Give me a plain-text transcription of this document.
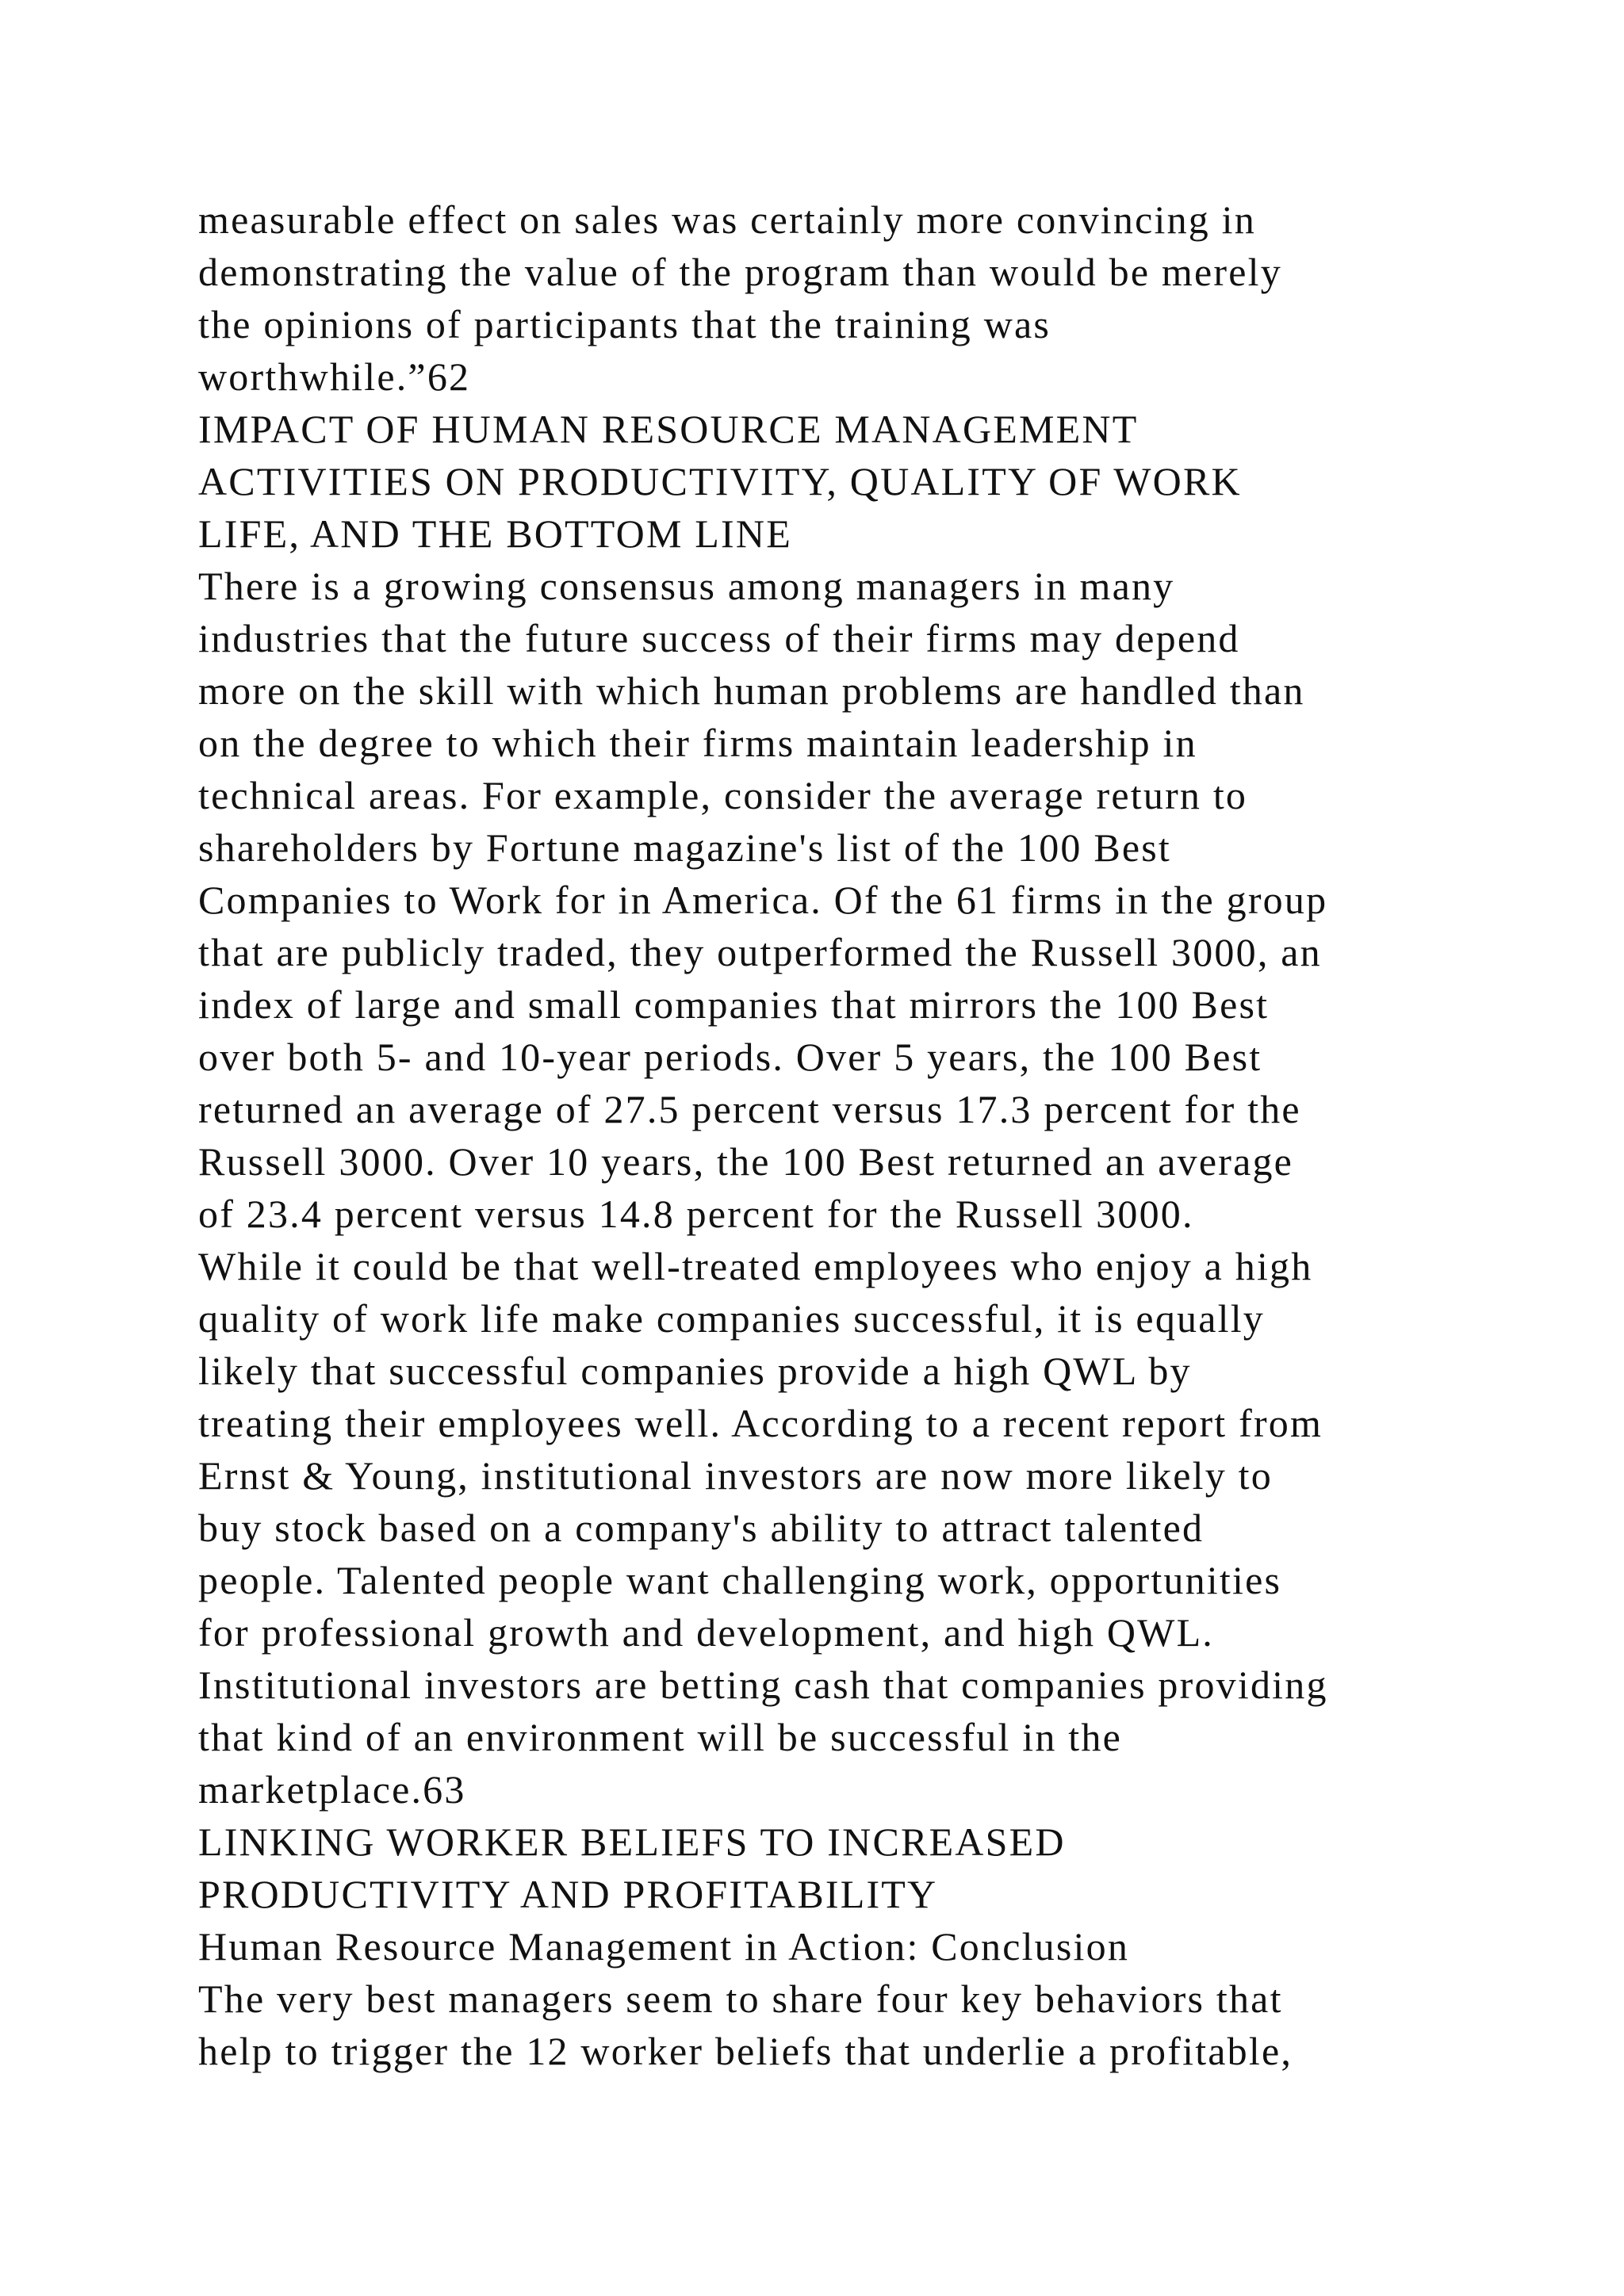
measurable effect on sales was certainly more convincing in
demonstrating the value of the program than would be merely
the opinions of participants that the training was
worthwhile.”62
IMPACT OF HUMAN RESOURCE MANAGEMENT
ACTIVITIES ON PRODUCTIVITY, QUALITY OF WORK
LIFE, AND THE BOTTOM LINE
There is a growing consensus among managers in many
industries that the future success of their firms may depend
more on the skill with which human problems are handled than
on the degree to which their firms maintain leadership in
technical areas. For example, consider the average return to
shareholders by Fortune magazine's list of the 100 Best
Companies to Work for in America. Of the 61 firms in the group
that are publicly traded, they outperformed the Russell 3000, an
index of large and small companies that mirrors the 100 Best
over both 5- and 10-year periods. Over 5 years, the 100 Best
returned an average of 27.5 percent versus 17.3 percent for the
Russell 3000. Over 10 years, the 100 Best returned an average
of 23.4 percent versus 14.8 percent for the Russell 3000.
While it could be that well-treated employees who enjoy a high
quality of work life make companies successful, it is equally
likely that successful companies provide a high QWL by
treating their employees well. According to a recent report from
Ernst & Young, institutional investors are now more likely to
buy stock based on a company's ability to attract talented
people. Talented people want challenging work, opportunities
for professional growth and development, and high QWL.
Institutional investors are betting cash that companies providing
that kind of an environment will be successful in the
marketplace.63
LINKING WORKER BELIEFS TO INCREASED
PRODUCTIVITY AND PROFITABILITY
Human Resource Management in Action: Conclusion
The very best managers seem to share four key behaviors that
help to trigger the 12 worker beliefs that underlie a profitable,
